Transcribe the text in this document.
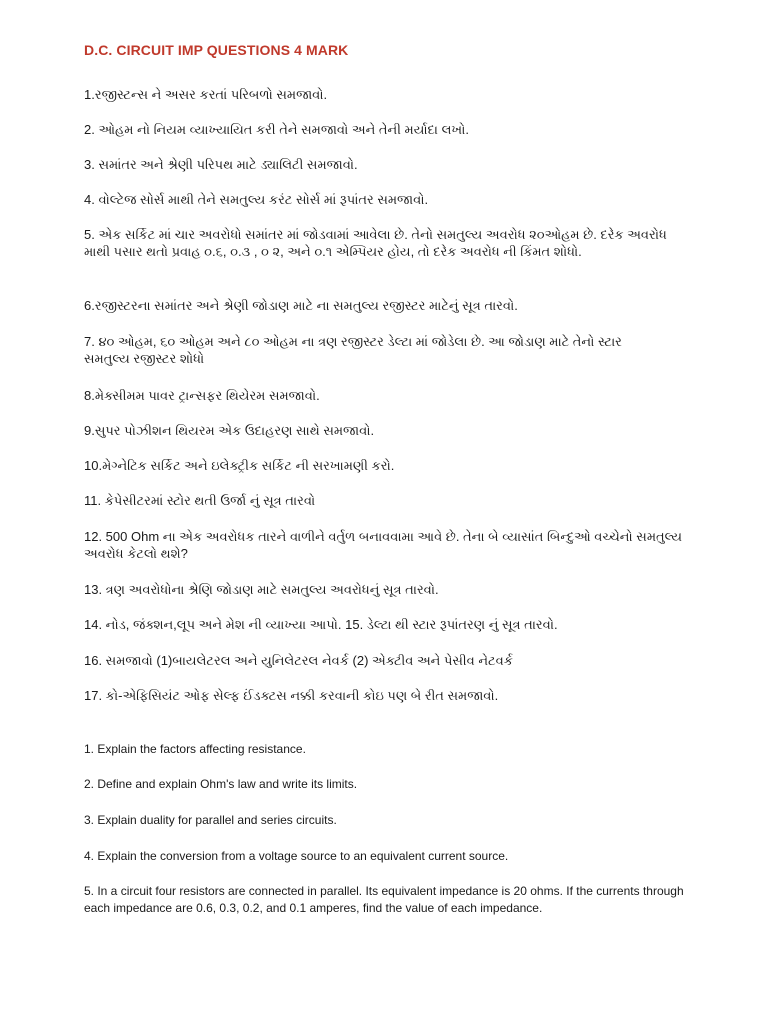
D.C. CIRCUIT IMP QUESTIONS 4 MARK
1.રજીસ્ટન્સ ને અસર કરતાં પરિબળો સમજાવો.
2. ઓહમ નો નિયમ વ્યાખ્યાયિત કરી તેને સમજાવો અને તેની મર્યાદા લખો.
3. સમાંતર અને શ્રેણી પરિપથ માટે ડ્યાલિટી સમજાવો.
4. વોલ્ટેજ સોર્સ માથી તેને સમતુલ્ય કરંટ સોર્સ માં રૂપાંતર સમજાવો.
5. એક સર્કિટ માં ચાર અવરોધો સમાંતર માં જોડવામાં આવેલા છે. તેનો સમતુલ્ય અવરોધ ૨૦ઓહમ છે. દરેક અવરોધ માથી પસાર થતો પ્રવાહ ૦.૬, ૦.૩ , ૦ ૨, અને ૦.૧ એમ્પિયર હોય, તો દરેક અવરોધ ની કિંમત શોધો.
6.રજીસ્ટરના સમાંતર અને શ્રેણી જોડાણ માટે ના સમતુલ્ય રજીસ્ટર માટેનું સૂત્ર તારવો.
7. ૪૦ ઓહમ, ૬૦ ઓહમ અને ૮૦ ઓહમ ના ત્રણ રજીસ્ટર ડેલ્ટા માં જોડેલા છે. આ જોડાણ માટે તેનો સ્ટાર સમતુલ્ય રજીસ્ટર શોધો
8.મેક્સીમમ પાવર ટ્રાન્સફર થિયેરમ સમજાવો.
9.સુપર પોઝીશન થિયરમ એક ઉદાહરણ સાથે સમજાવો.
10.મેગ્નેટિક સર્કિટ અને ઇલેક્ટ્રીક સર્કિટ ની સરખામણી કરો.
11. કેપેસીટરમાં સ્ટોર થતી ઉર્જા નું સૂત્ર તારવો
12. 500 Ohm ના એક અવરોધક તારને વાળીને વર્તુળ બનાવવામા આવે છે. તેના બે વ્યાસાંત બિન્દુઓ વચ્ચેનો સમતુલ્ય અવરોધ કેટલો થશે?
13. ત્રણ અવરોધોના શ્રેણિ જોડાણ માટે સમતુલ્ય અવરોધનું સૂત્ર તારવો.
14. નોડ, જંક્શન,લૂપ અને મેશ ની વ્યાખ્યા આપો. 15. ડેલ્ટા થી સ્ટાર રૂપાંતરણ નું સૂત્ર તારવો.
16. સમજાવો (1)બાયલેટરલ અને યુનિલેટરલ નેવર્ક (2) એક્ટીવ અને પેસીવ નેટવર્ક
17. કો-એફિસિયંટ ઓફ સેલ્ફ ઈંડક્ટસ નક્કી કરવાની કોઇ પણ બે રીત સમજાવો.
1. Explain the factors affecting resistance.
2. Define and explain Ohm's law and write its limits.
3. Explain duality for parallel and series circuits.
4. Explain the conversion from a voltage source to an equivalent current source.
5. In a circuit four resistors are connected in parallel. Its equivalent impedance is 20 ohms. If the currents through each impedance are 0.6, 0.3, 0.2, and 0.1 amperes, find the value of each impedance.
